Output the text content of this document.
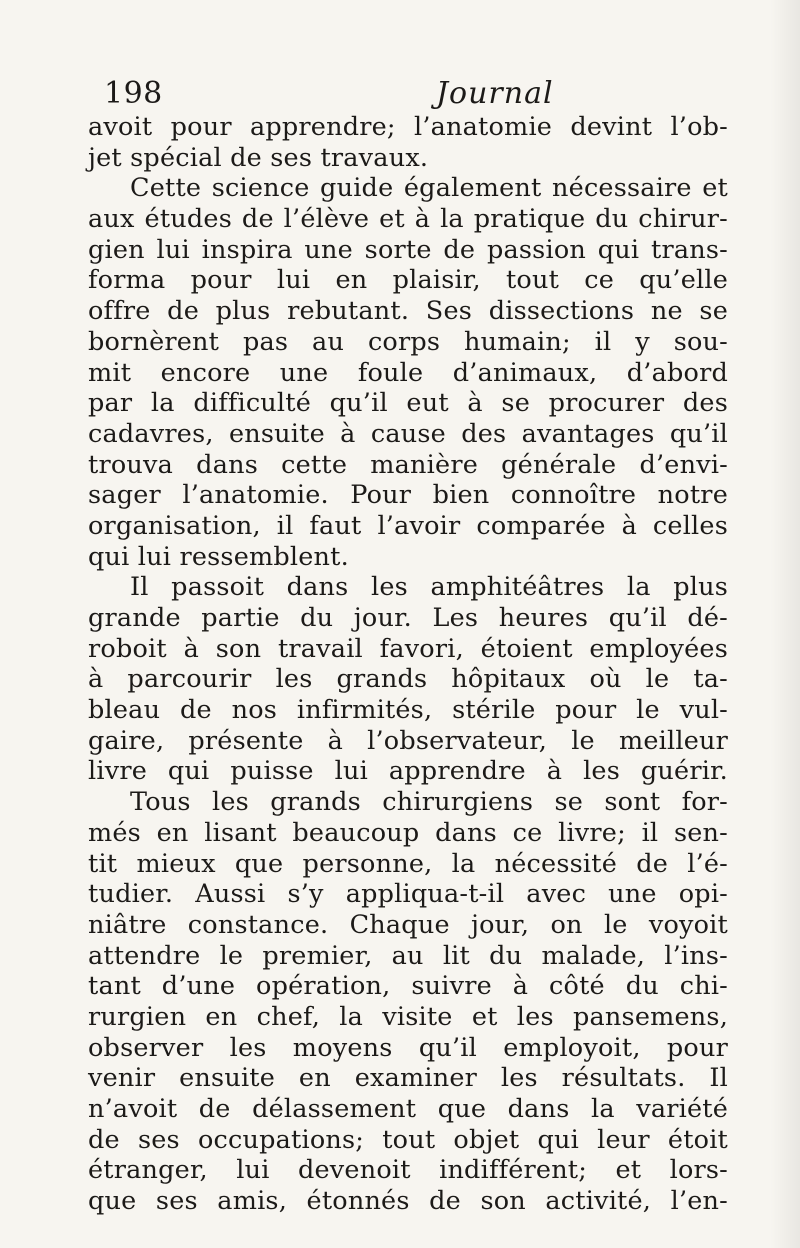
198	Journal
avoit pour apprendre; l’anatomie devint l’ob-
jet spécial de ses travaux.
Cette science guide également nécessaire et
aux études de l’élève et à la pratique du chirur-
gien lui inspira une sorte de passion qui trans-
forma pour lui en plaisir, tout ce qu’elle
offre de plus rebutant. Ses dissections ne se
bornèrent pas au corps humain; il y sou-
mit encore une foule d’animaux, d’abord
par la difficulté qu’il eut à se procurer des
cadavres, ensuite à cause des avantages qu’il
trouva dans cette manière générale d’envi-
sager l’anatomie. Pour bien connoître notre
organisation, il faut l’avoir comparée à celles
qui lui ressemblent.
Il passoit dans les amphitéâtres la plus
grande partie du jour. Les heures qu’il dé-
roboit à son travail favori, étoient employées
à parcourir les grands hôpitaux où le ta-
bleau de nos infirmités, stérile pour le vul-
gaire, présente à l’observateur, le meilleur
livre qui puisse lui apprendre à les guérir.
Tous les grands chirurgiens se sont for-
més en lisant beaucoup dans ce livre; il sen-
tit mieux que personne, la nécessité de l’é-
tudier. Aussi s’y appliqua-t-il avec une opi-
niâtre constance. Chaque jour, on le voyoit
attendre le premier, au lit du malade, l’ins-
tant d’une opération, suivre à côté du chi-
rurgien en chef, la visite et les pansemens,
observer les moyens qu’il employoit, pour
venir ensuite en examiner les résultats. Il
n’avoit de délassement que dans la variété
de ses occupations; tout objet qui leur étoit
étranger, lui devenoit indifférent; et lors-
que ses amis, étonnés de son activité, l’en-
